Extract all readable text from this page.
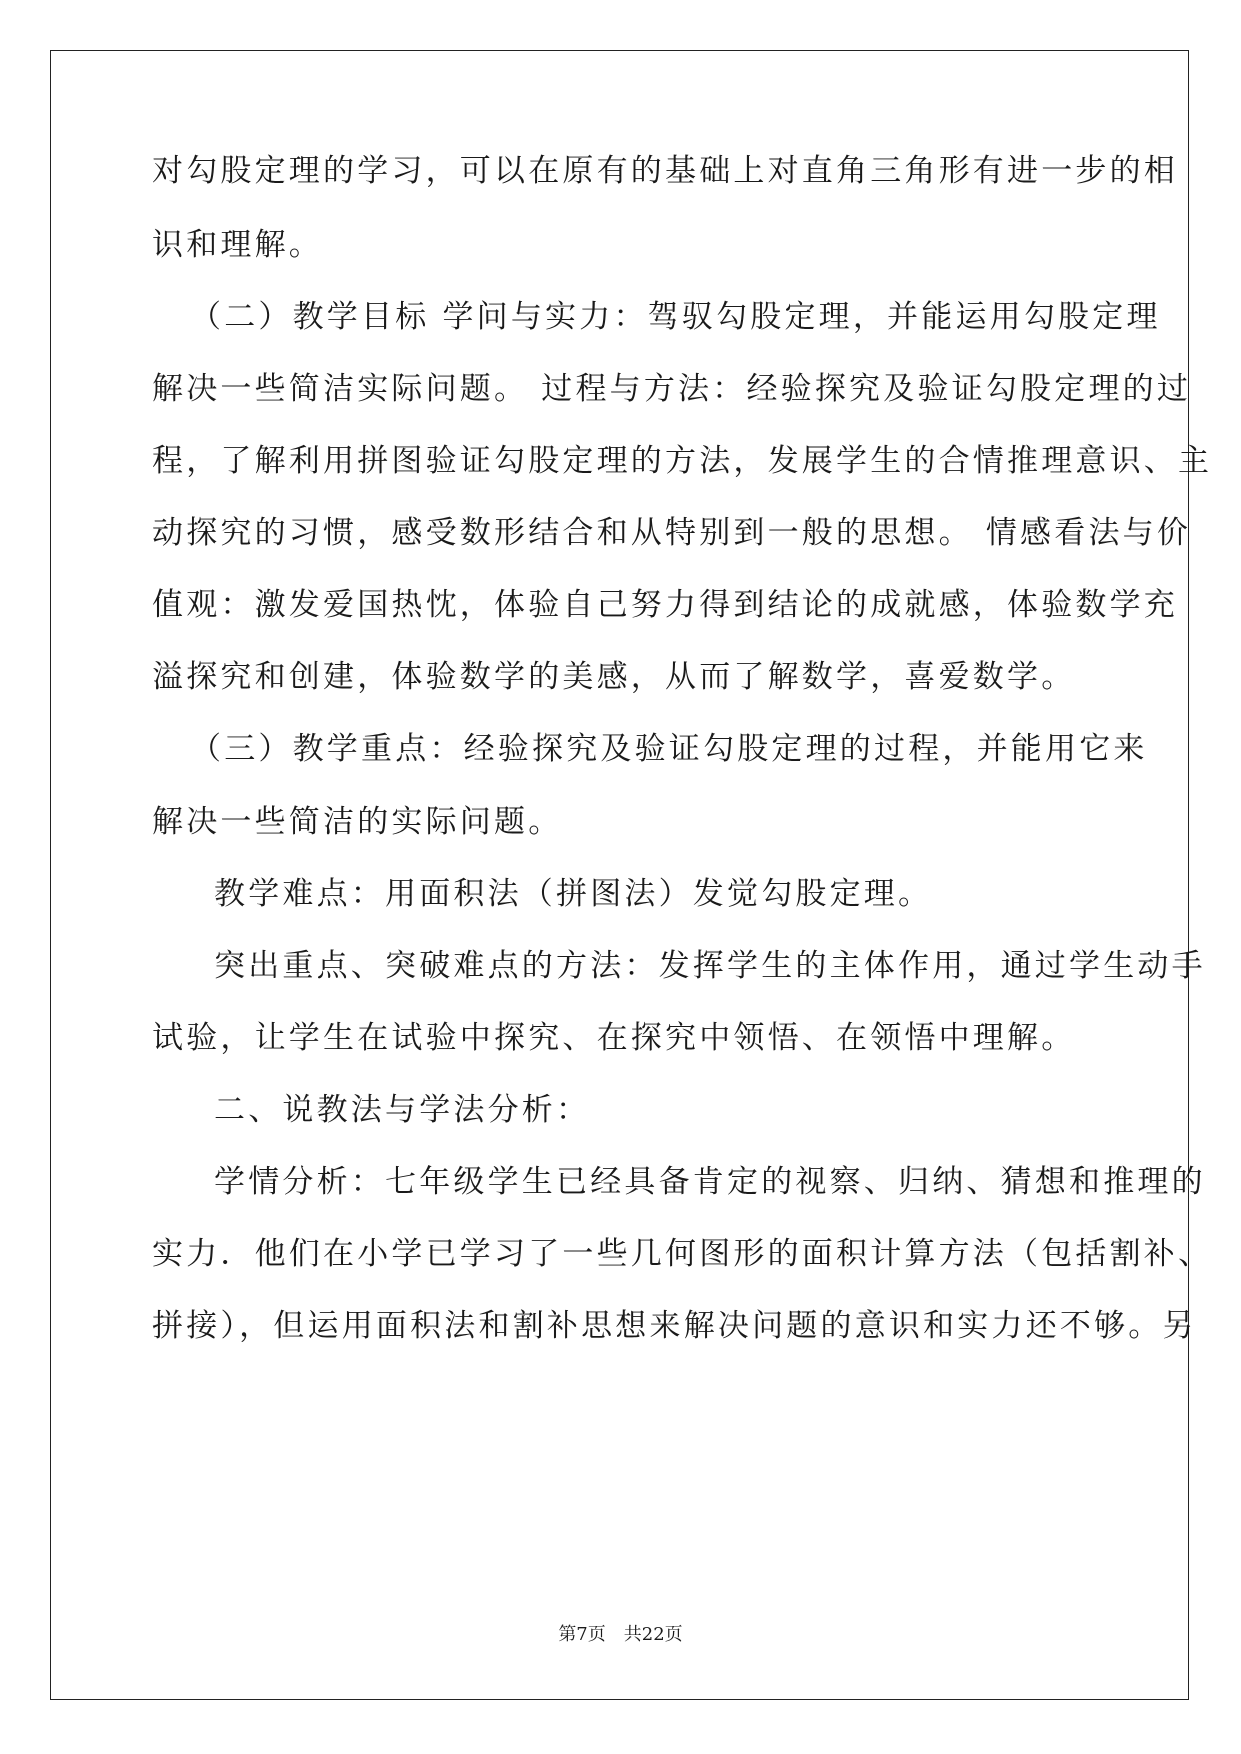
对勾股定理的学习，可以在原有的基础上对直角三角形有进一步的相
识和理解。
（二）教学目标 学问与实力：驾驭勾股定理，并能运用勾股定理
解决一些简洁实际问题。 过程与方法：经验探究及验证勾股定理的过
程，了解利用拼图验证勾股定理的方法，发展学生的合情推理意识、主
动探究的习惯，感受数形结合和从特别到一般的思想。 情感看法与价
值观：激发爱国热忱，体验自己努力得到结论的成就感，体验数学充
溢探究和创建，体验数学的美感，从而了解数学，喜爱数学。
（三）教学重点：经验探究及验证勾股定理的过程，并能用它来
解决一些简洁的实际问题。
教学难点：用面积法（拼图法）发觉勾股定理。
突出重点、突破难点的方法：发挥学生的主体作用，通过学生动手
试验，让学生在试验中探究、在探究中领悟、在领悟中理解。
二、说教法与学法分析：
学情分析：七年级学生已经具备肯定的视察、归纳、猜想和推理的
实力．他们在小学已学习了一些几何图形的面积计算方法（包括割补、
拼接），但运用面积法和割补思想来解决问题的意识和实力还不够。另
第7页 共22页
